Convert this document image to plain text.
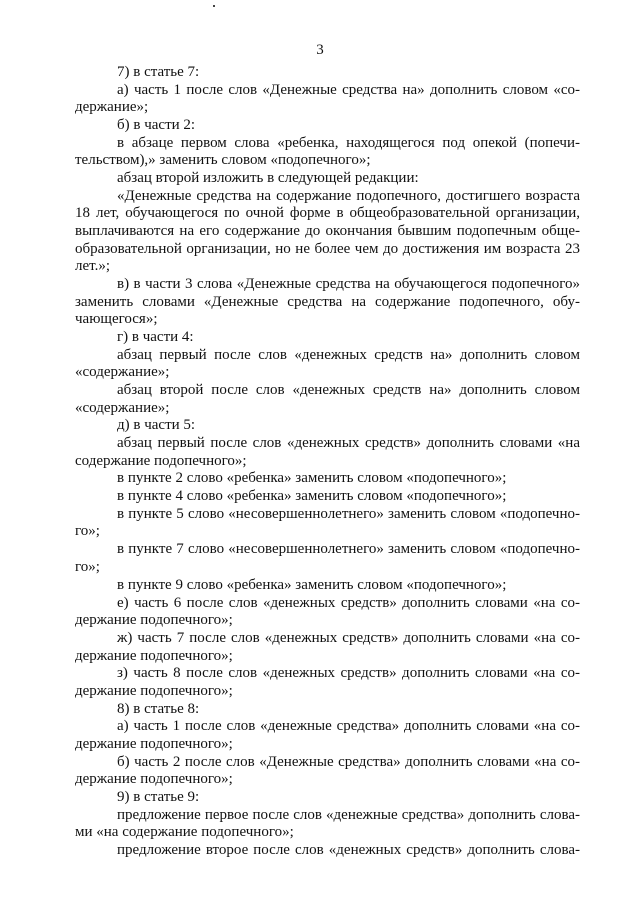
3
7) в статье 7:
а) часть 1 после слов «Денежные средства на» дополнить словом «со-
держание»;
б) в части 2:
в абзаце первом слова «ребенка, находящегося под опекой (попечи-
тельством),» заменить словом «подопечного»;
абзац второй изложить в следующей редакции:
«Денежные средства на содержание подопечного, достигшего возраста
18 лет, обучающегося по очной форме в общеобразовательной организации,
выплачиваются на его содержание до окончания бывшим подопечным обще-
образовательной организации, но не более чем до достижения им возраста 23
лет.»;
в) в части 3 слова «Денежные средства на обучающегося подопечного»
заменить словами «Денежные средства на содержание подопечного, обу-
чающегося»;
г) в части 4:
абзац первый после слов «денежных средств на» дополнить словом
«содержание»;
абзац второй после слов «денежных средств на» дополнить словом
«содержание»;
д) в части 5:
абзац первый после слов «денежных средств» дополнить словами «на
содержание подопечного»;
в пункте 2 слово «ребенка» заменить словом «подопечного»;
в пункте 4 слово «ребенка» заменить словом «подопечного»;
в пункте 5 слово «несовершеннолетнего» заменить словом «подопечно-
го»;
в пункте 7 слово «несовершеннолетнего» заменить словом «подопечно-
го»;
в пункте 9 слово «ребенка» заменить словом «подопечного»;
е) часть 6 после слов «денежных средств» дополнить словами «на со-
держание подопечного»;
ж) часть 7 после слов «денежных средств» дополнить словами «на со-
держание подопечного»;
з) часть 8 после слов «денежных средств» дополнить словами «на со-
держание подопечного»;
8) в статье 8:
а) часть 1 после слов «денежные средства» дополнить словами «на со-
держание подопечного»;
б) часть 2 после слов «Денежные средства» дополнить словами «на со-
держание подопечного»;
9) в статье 9:
предложение первое после слов «денежные средства» дополнить слова-
ми «на содержание подопечного»;
предложение второе после слов «денежных средств» дополнить слова-
